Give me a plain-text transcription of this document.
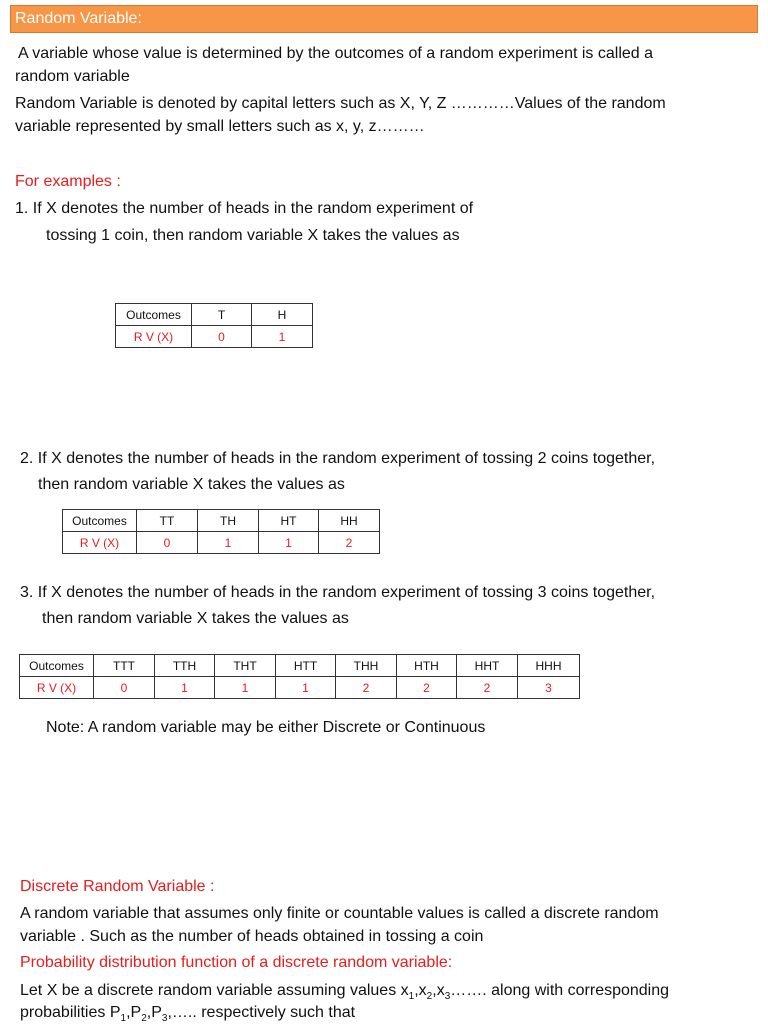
Random Variable:
A variable whose value is determined by the outcomes of a random experiment is called a
random variable
Random Variable is denoted by capital letters such as X, Y, Z …………Values of the random
variable represented by small letters such as x, y, z………
For examples :
1. If X denotes the number of heads in the random experiment of
tossing 1 coin, then random variable X takes the values as
Outcomes	T	H
R V (X)	0	1
2. If X denotes the number of heads in the random experiment of tossing 2 coins together,
then random variable X takes the values as
Outcomes	TT	TH	HT	HH
R V (X)	0	1	1	2
3. If X denotes the number of heads in the random experiment of tossing 3 coins together,
then random variable X takes the values as
Outcomes	TTT	TTH	THT	HTT	THH	HTH	HHT	HHH
R V (X)	0	1	1	1	2	2	2	3
Note: A random variable may be either Discrete or Continuous
Discrete Random Variable :
A random variable that assumes only finite or countable values is called a discrete random
variable . Such as the number of heads obtained in tossing a coin
Probability distribution function of a discrete random variable:
Let X be a discrete random variable assuming values $x_1,x_2,x_3\dots\dots$. along with corresponding
probabilities $P_1,P_2,P_3,\dots$.. respectively such that
